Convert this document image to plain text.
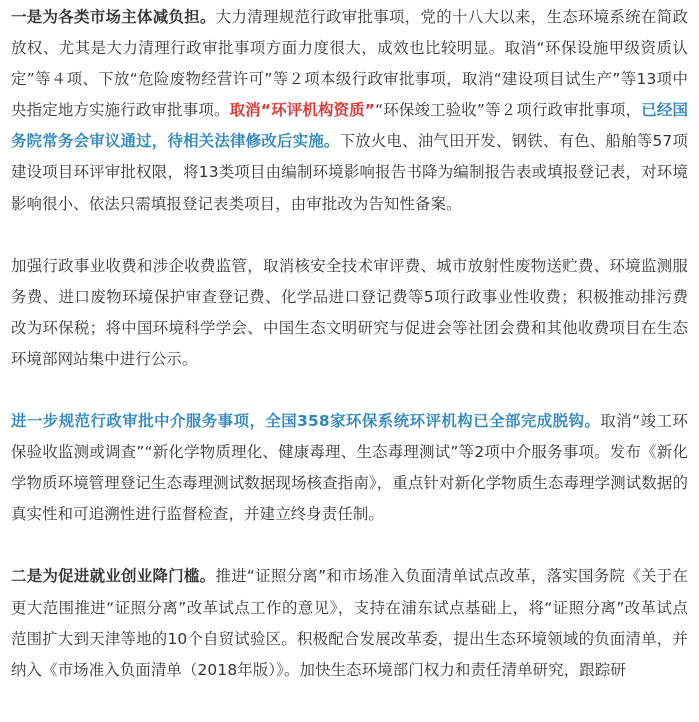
一是为各类市场主体减负担。大力清理规范行政审批事项，党的十八大以来，生态环境系统在简政放权、尤其是大力清理行政审批事项方面力度很大，成效也比较明显。取消“环保设施甲级资质认定”等４项、下放“危险废物经营许可”等２项本级行政审批事项，取消“建设项目试生产”等13项中央指定地方实施行政审批事项。取消“环评机构资质”“环保竣工验收”等２项行政审批事项，已经国务院常务会审议通过，待相关法律修改后实施。下放火电、油气田开发、钢铁、有色、船舶等57项建设项目环评审批权限，将13类项目由编制环境影响报告书降为编制报告表或填报登记表，对环境影响很小、依法只需填报登记表类项目，由审批改为告知性备案。

加强行政事业收费和涉企收费监管，取消核安全技术审评费、城市放射性废物送贮费、环境监测服务费、进口废物环境保护审查登记费、化学品进口登记费等5项行政事业性收费；积极推动排污费改为环保税；将中国环境科学学会、中国生态文明研究与促进会等社团会费和其他收费项目在生态环境部网站集中进行公示。

进一步规范行政审批中介服务事项，全国358家环保系统环评机构已全部完成脱钩。取消“竣工环保验收监测或调查”“新化学物质理化、健康毒理、生态毒理测试”等2项中介服务事项。发布《新化学物质环境管理登记生态毒理测试数据现场核查指南》，重点针对新化学物质生态毒理学测试数据的真实性和可追溯性进行监督检查，并建立终身责任制。

二是为促进就业创业降门槛。推进“证照分离”和市场准入负面清单试点改革，落实国务院《关于在更大范围推进“证照分离”改革试点工作的意见》，支持在浦东试点基础上，将“证照分离”改革试点范围扩大到天津等地的10个自贸试验区。积极配合发展改革委，提出生态环境领域的负面清单，并纳入《市场准入负面清单（2018年版）》。加快生态环境部门权力和责任清单研究，跟踪研
